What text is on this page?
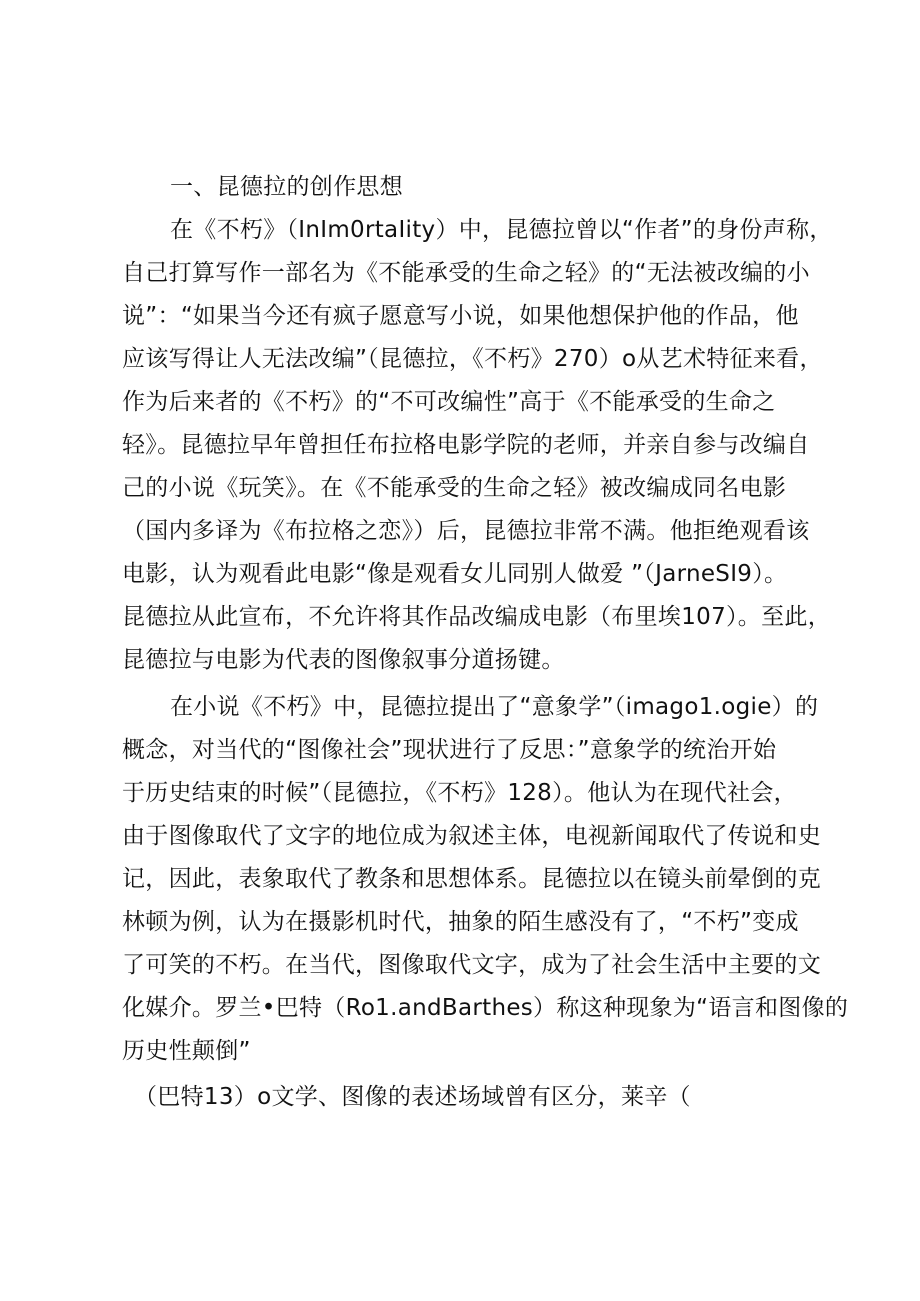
一、昆德拉的创作思想
在《不朽》（InIm0rtaIity）中，昆德拉曾以“作者”的身份声称，
自己打算写作一部名为《不能承受的生命之轻》的“无法被改编的小
说”：“如果当今还有疯子愿意写小说，如果他想保护他的作品，他
应该写得让人无法改编”（昆德拉，《不朽》270）o从艺术特征来看，
作为后来者的《不朽》的“不可改编性”高于《不能承受的生命之
轻》。昆德拉早年曾担任布拉格电影学院的老师，并亲自参与改编自
己的小说《玩笑》。在《不能承受的生命之轻》被改编成同名电影
（国内多译为《布拉格之恋》）后，昆德拉非常不满。他拒绝观看该
电影，认为观看此电影“像是观看女儿同别人做爱 ”（JarneSI9）。
昆德拉从此宣布，不允许将其作品改编成电影（布里埃107）。至此，
昆德拉与电影为代表的图像叙事分道扬键。
在小说《不朽》中，昆德拉提出了“意象学”（imago1.ogie）的
概念，对当代的“图像社会”现状进行了反思：”意象学的统治开始
于历史结束的时候”（昆德拉，《不朽》128）。他认为在现代社会，
由于图像取代了文字的地位成为叙述主体，电视新闻取代了传说和史
记，因此，表象取代了教条和思想体系。昆德拉以在镜头前晕倒的克
林顿为例，认为在摄影机时代，抽象的陌生感没有了，“不朽”变成
了可笑的不朽。在当代，图像取代文字，成为了社会生活中主要的文
化媒介。罗兰•巴特（Ro1.andBarthes）称这种现象为“语言和图像的
历史性颠倒”
（巴特13）o文学、图像的表述场域曾有区分，莱辛（
